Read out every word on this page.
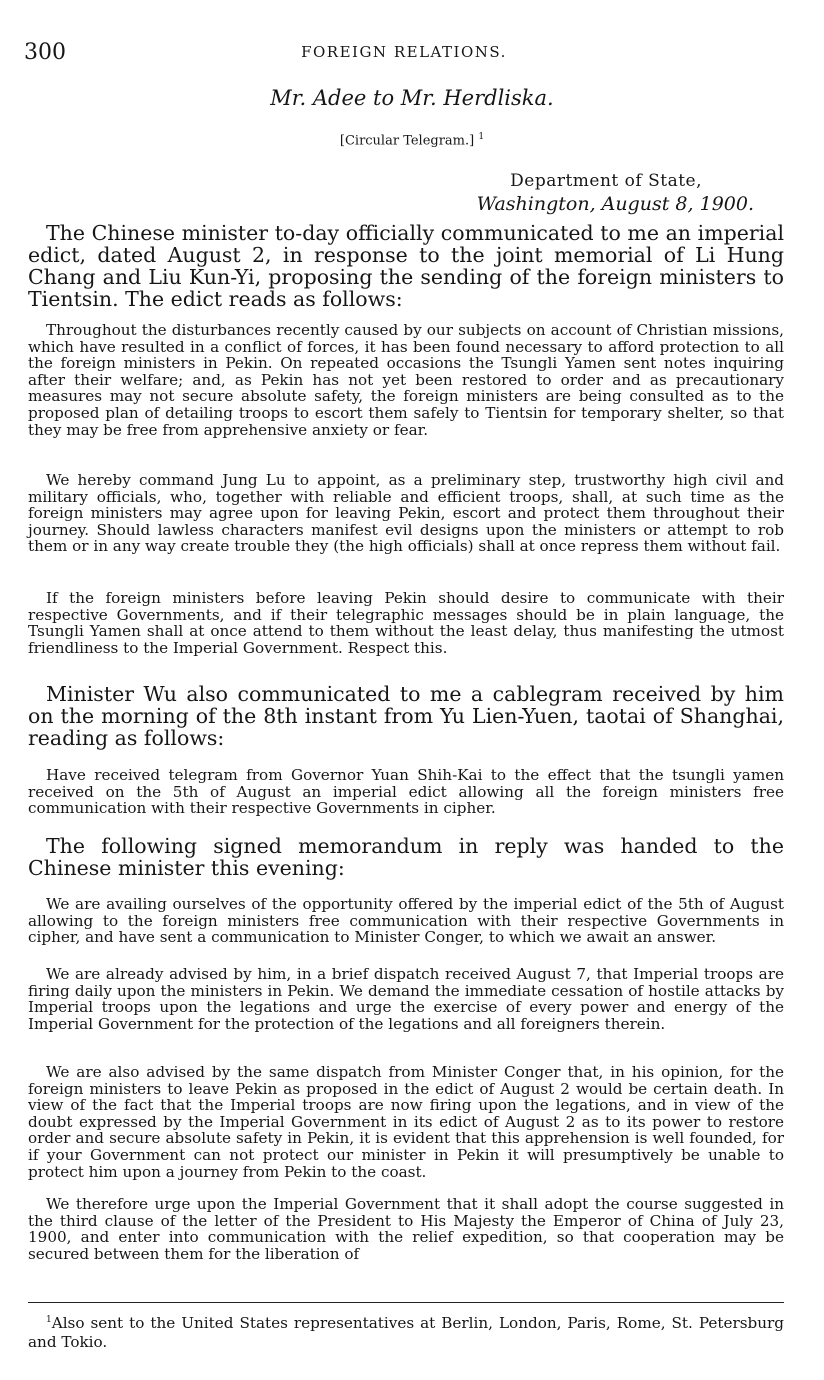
300	FOREIGN RELATIONS.
Mr. Adee to Mr. Herdliska.
[Circular Telegram.] $^1$
Department of State,
Washington, August 8, 1900.

The Chinese minister to-day officially communicated to me an imperial edict, dated August 2, in response to the joint memorial of Li Hung Chang and Liu Kun-Yi, proposing the sending of the foreign ministers to Tientsin. The edict reads as follows:

Throughout the disturbances recently caused by our subjects on account of Christian missions, which have resulted in a conflict of forces, it has been found necessary to afford protection to all the foreign ministers in Pekin. On repeated occasions the Tsungli Yamen sent notes inquiring after their welfare; and, as Pekin has not yet been restored to order and as precautionary measures may not secure absolute safety, the foreign ministers are being consulted as to the proposed plan of detailing troops to escort them safely to Tientsin for temporary shelter, so that they may be free from apprehensive anxiety or fear.

We hereby command Jung Lu to appoint, as a preliminary step, trustworthy high civil and military officials, who, together with reliable and efficient troops, shall, at such time as the foreign ministers may agree upon for leaving Pekin, escort and protect them throughout their journey. Should lawless characters manifest evil designs upon the ministers or attempt to rob them or in any way create trouble they (the high officials) shall at once repress them without fail.

If the foreign ministers before leaving Pekin should desire to communicate with their respective Governments, and if their telegraphic messages should be in plain language, the Tsungli Yamen shall at once attend to them without the least delay, thus manifesting the utmost friendliness to the Imperial Government. Respect this.

Minister Wu also communicated to me a cablegram received by him on the morning of the 8th instant from Yu Lien-Yuen, taotai of Shanghai, reading as follows:

Have received telegram from Governor Yuan Shih-Kai to the effect that the tsungli yamen received on the 5th of August an imperial edict allowing all the foreign ministers free communication with their respective Governments in cipher.

The following signed memorandum in reply was handed to the Chinese minister this evening:

We are availing ourselves of the opportunity offered by the imperial edict of the 5th of August allowing to the foreign ministers free communication with their respective Governments in cipher, and have sent a communication to Minister Conger, to which we await an answer.

We are already advised by him, in a brief dispatch received August 7, that Imperial troops are firing daily upon the ministers in Pekin. We demand the immediate cessation of hostile attacks by Imperial troops upon the legations and urge the exercise of every power and energy of the Imperial Government for the protection of the legations and all foreigners therein.

We are also advised by the same dispatch from Minister Conger that, in his opinion, for the foreign ministers to leave Pekin as proposed in the edict of August 2 would be certain death. In view of the fact that the Imperial troops are now firing upon the legations, and in view of the doubt expressed by the Imperial Government in its edict of August 2 as to its power to restore order and secure absolute safety in Pekin, it is evident that this apprehension is well founded, for if your Government can not protect our minister in Pekin it will presumptively be unable to protect him upon a journey from Pekin to the coast.

We therefore urge upon the Imperial Government that it shall adopt the course suggested in the third clause of the letter of the President to His Majesty the Emperor of China of July 23, 1900, and enter into communication with the relief expedition, so that cooperation may be secured between them for the liberation of

$^1$Also sent to the United States representatives at Berlin, London, Paris, Rome, St. Petersburg and Tokio.
